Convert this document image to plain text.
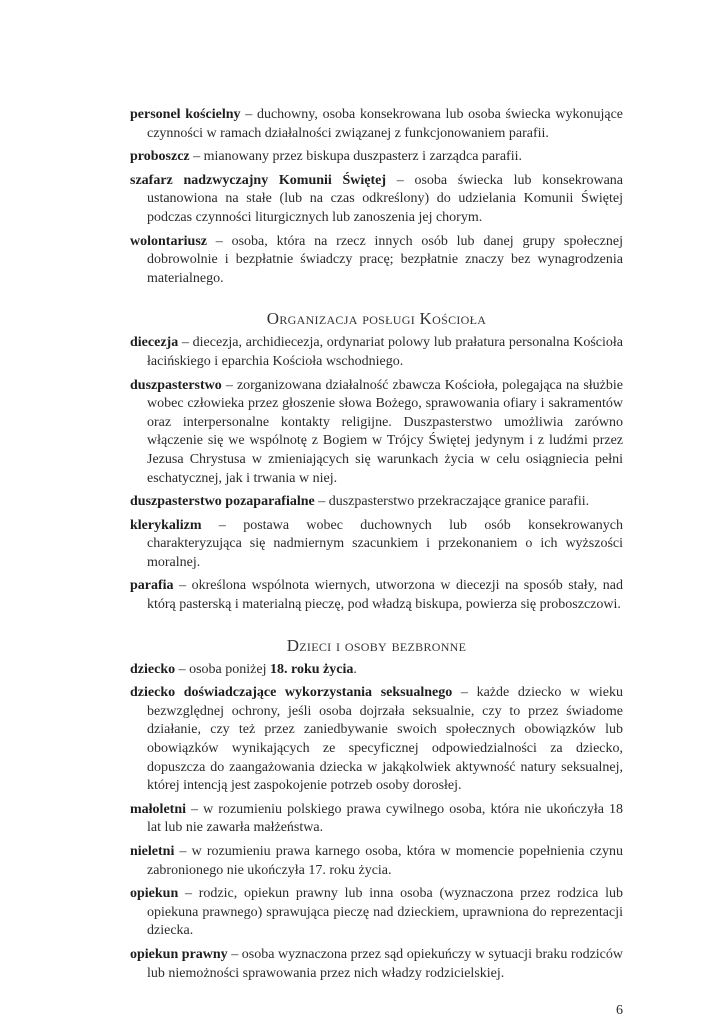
personel kościelny – duchowny, osoba konsekrowana lub osoba świecka wykonujące czynności w ramach działalności związanej z funkcjonowaniem parafii.

proboszcz – mianowany przez biskupa duszpasterz i zarządca parafii.

szafarz nadzwyczajny Komunii Świętej – osoba świecka lub konsekrowana ustanowiona na stałe (lub na czas odkreślony) do udzielania Komunii Świętej podczas czynności liturgicznych lub zanoszenia jej chorym.

wolontariusz – osoba, która na rzecz innych osób lub danej grupy społecznej dobrowolnie i bezpłatnie świadczy pracę; bezpłatnie znaczy bez wynagrodzenia materialnego.

Organizacja posługi Kościoła

diecezja – diecezja, archidiecezja, ordynariat polowy lub prałatura personalna Kościoła łacińskiego i eparchia Kościoła wschodniego.

duszpasterstwo – zorganizowana działalność zbawcza Kościoła, polegająca na służbie wobec człowieka przez głoszenie słowa Bożego, sprawowania ofiary i sakramentów oraz interpersonalne kontakty religijne. Duszpasterstwo umożliwia zarówno włączenie się we wspólnotę z Bogiem w Trójcy Świętej jedynym i z ludźmi przez Jezusa Chrystusa w zmieniających się warunkach życia w celu osiągniecia pełni eschatycznej, jak i trwania w niej.

duszpasterstwo pozaparafialne – duszpasterstwo przekraczające granice parafii.

klerykalizm – postawa wobec duchownych lub osób konsekrowanych charakteryzująca się nadmiernym szacunkiem i przekonaniem o ich wyższości moralnej.

parafia – określona wspólnota wiernych, utworzona w diecezji na sposób stały, nad którą pasterską i materialną pieczę, pod władzą biskupa, powierza się proboszczowi.

Dzieci i osoby bezbronne

dziecko – osoba poniżej 18. roku życia.

dziecko doświadczające wykorzystania seksualnego – każde dziecko w wieku bezwzględnej ochrony, jeśli osoba dojrzała seksualnie, czy to przez świadome działanie, czy też przez zaniedbywanie swoich społecznych obowiązków lub obowiązków wynikających ze specyficznej odpowiedzialności za dziecko, dopuszcza do zaangażowania dziecka w jakąkolwiek aktywność natury seksualnej, której intencją jest zaspokojenie potrzeb osoby dorosłej.

małoletni – w rozumieniu polskiego prawa cywilnego osoba, która nie ukończyła 18 lat lub nie zawarła małżeństwa.

nieletni – w rozumieniu prawa karnego osoba, która w momencie popełnienia czynu zabronionego nie ukończyła 17. roku życia.

opiekun – rodzic, opiekun prawny lub inna osoba (wyznaczona przez rodzica lub opiekuna prawnego) sprawująca pieczę nad dzieckiem, uprawniona do reprezentacji dziecka.

opiekun prawny – osoba wyznaczona przez sąd opiekuńczy w sytuacji braku rodziców lub niemożności sprawowania przez nich władzy rodzicielskiej.

6
